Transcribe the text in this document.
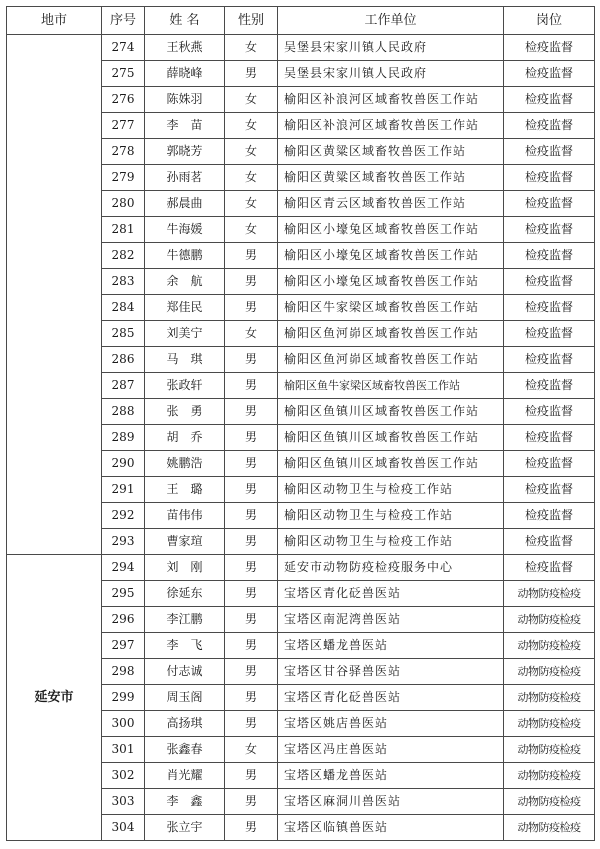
地市	序号	姓 名	性别	工作单位	岗位
	274	王秋燕	女	吴堡县宋家川镇人民政府	检疫监督
	275	薛晓峰	男	吴堡县宋家川镇人民政府	检疫监督
	276	陈姝羽	女	榆阳区补浪河区域畜牧兽医工作站	检疫监督
	277	李　苗	女	榆阳区补浪河区域畜牧兽医工作站	检疫监督
	278	郭晓芳	女	榆阳区黄粱区域畜牧兽医工作站	检疫监督
	279	孙雨茗	女	榆阳区黄粱区域畜牧兽医工作站	检疫监督
	280	郝晨曲	女	榆阳区青云区域畜牧兽医工作站	检疫监督
	281	牛海媛	女	榆阳区小壕兔区域畜牧兽医工作站	检疫监督
	282	牛德鹏	男	榆阳区小壕兔区域畜牧兽医工作站	检疫监督
	283	余　航	男	榆阳区小壕兔区域畜牧兽医工作站	检疫监督
	284	郑佳民	男	榆阳区牛家梁区域畜牧兽医工作站	检疫监督
	285	刘美宁	女	榆阳区鱼河峁区域畜牧兽医工作站	检疫监督
	286	马　琪	男	榆阳区鱼河峁区域畜牧兽医工作站	检疫监督
	287	张政轩	男	榆阳区鱼牛家梁区域畜牧兽医工作站	检疫监督
	288	张　勇	男	榆阳区鱼镇川区域畜牧兽医工作站	检疫监督
	289	胡　乔	男	榆阳区鱼镇川区域畜牧兽医工作站	检疫监督
	290	姚鹏浩	男	榆阳区鱼镇川区域畜牧兽医工作站	检疫监督
	291	王　璐	男	榆阳区动物卫生与检疫工作站	检疫监督
	292	苗伟伟	男	榆阳区动物卫生与检疫工作站	检疫监督
	293	曹家瑄	男	榆阳区动物卫生与检疫工作站	检疫监督
延安市	294	刘　刚	男	延安市动物防疫检疫服务中心	检疫监督
	295	徐延东	男	宝塔区青化砭兽医站	动物防疫检疫
	296	李江鹏	男	宝塔区南泥湾兽医站	动物防疫检疫
	297	李　飞	男	宝塔区蟠龙兽医站	动物防疫检疫
	298	付志诚	男	宝塔区甘谷驿兽医站	动物防疫检疫
	299	周玉阁	男	宝塔区青化砭兽医站	动物防疫检疫
	300	高扬琪	男	宝塔区姚店兽医站	动物防疫检疫
	301	张鑫春	女	宝塔区冯庄兽医站	动物防疫检疫
	302	肖光耀	男	宝塔区蟠龙兽医站	动物防疫检疫
	303	李　鑫	男	宝塔区麻洞川兽医站	动物防疫检疫
	304	张立宇	男	宝塔区临镇兽医站	动物防疫检疫
